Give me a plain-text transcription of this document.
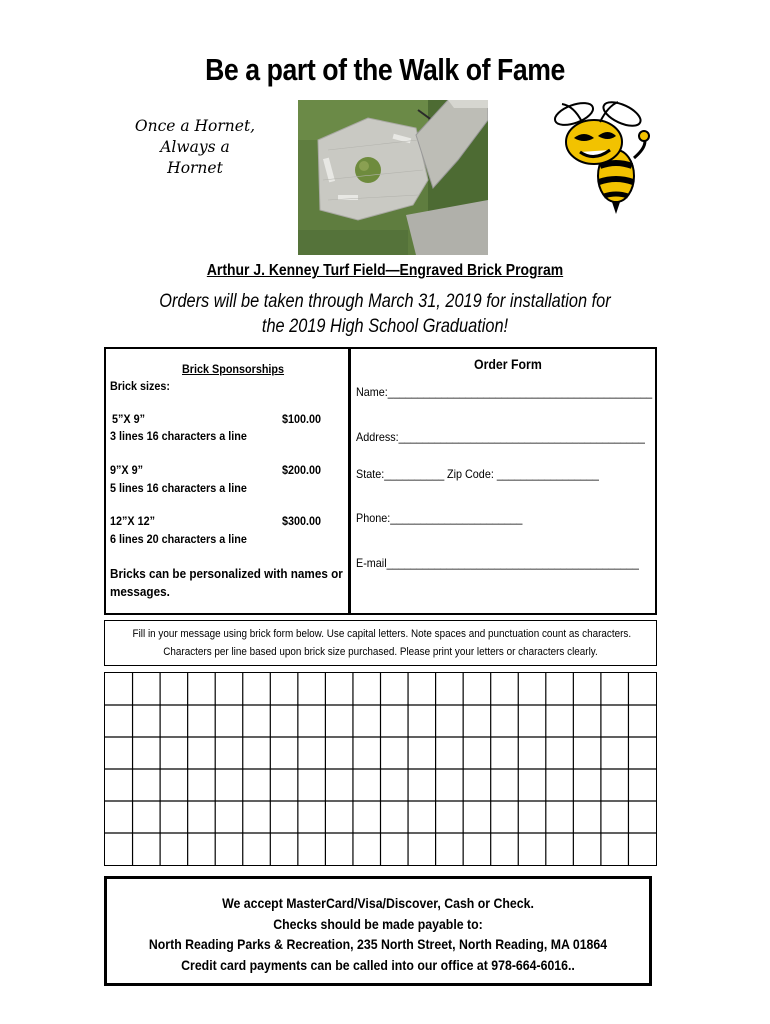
Be a part of the Walk of Fame
Once a Hornet,
Always a
Hornet
Arthur J. Kenney Turf Field—Engraved Brick Program
Orders will be taken through March 31, 2019 for installation for
the 2019 High School Graduation!
Brick Sponsorships
Brick sizes:
5”X 9”	$100.00
3 lines 16 characters a line
9”X 9”	$200.00
5 lines 16 characters a line
12”X 12”	$300.00
6 lines 20 characters a line
Bricks can be personalized with names or
messages.
Order Form
Name:____________________________________________
Address:_________________________________________
State:__________ Zip Code: _________________
Phone:______________________
E-mail__________________________________________
Fill in your message using brick form below. Use capital letters. Note spaces and punctuation count as characters.
Characters per line based upon brick size purchased. Please print your letters or characters clearly.
We accept MasterCard/Visa/Discover, Cash or Check.
Checks should be made payable to:
North Reading Parks & Recreation, 235 North Street, North Reading, MA 01864
Credit card payments can be called into our office at 978-664-6016..
